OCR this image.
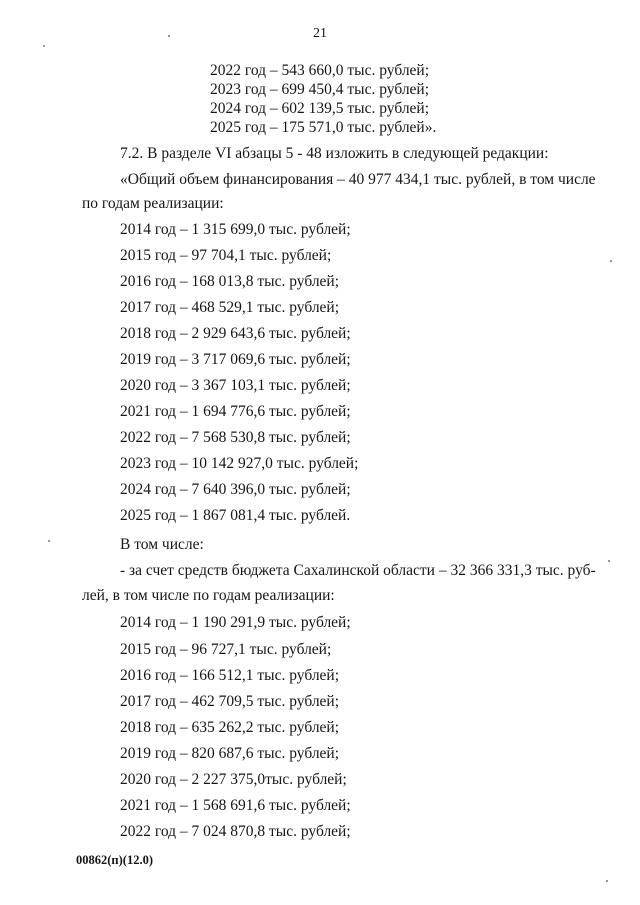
21
2022 год – 543 660,0 тыс. рублей;
2023 год – 699 450,4 тыс. рублей;
2024 год – 602 139,5 тыс. рублей;
2025 год – 175 571,0 тыс. рублей».
7.2. В разделе VI абзацы 5 - 48 изложить в следующей редакции:
«Общий объем финансирования – 40 977 434,1 тыс. рублей, в том числе
по годам реализации:
2014 год – 1 315 699,0 тыс. рублей;
2015 год – 97 704,1 тыс. рублей;
2016 год – 168 013,8 тыс. рублей;
2017 год – 468 529,1 тыс. рублей;
2018 год – 2 929 643,6 тыс. рублей;
2019 год – 3 717 069,6 тыс. рублей;
2020 год – 3 367 103,1 тыс. рублей;
2021 год – 1 694 776,6 тыс. рублей;
2022 год – 7 568 530,8 тыс. рублей;
2023 год – 10 142 927,0 тыс. рублей;
2024 год – 7 640 396,0 тыс. рублей;
2025 год – 1 867 081,4 тыс. рублей.
В том числе:
- за счет средств бюджета Сахалинской области – 32 366 331,3 тыс. руб-
лей, в том числе по годам реализации:
2014 год – 1 190 291,9 тыс. рублей;
2015 год – 96 727,1 тыс. рублей;
2016 год – 166 512,1 тыс. рублей;
2017 год – 462 709,5 тыс. рублей;
2018 год – 635 262,2 тыс. рублей;
2019 год – 820 687,6 тыс. рублей;
2020 год – 2 227 375,0тыс. рублей;
2021 год – 1 568 691,6 тыс. рублей;
2022 год – 7 024 870,8 тыс. рублей;
00862(п)(12.0)
